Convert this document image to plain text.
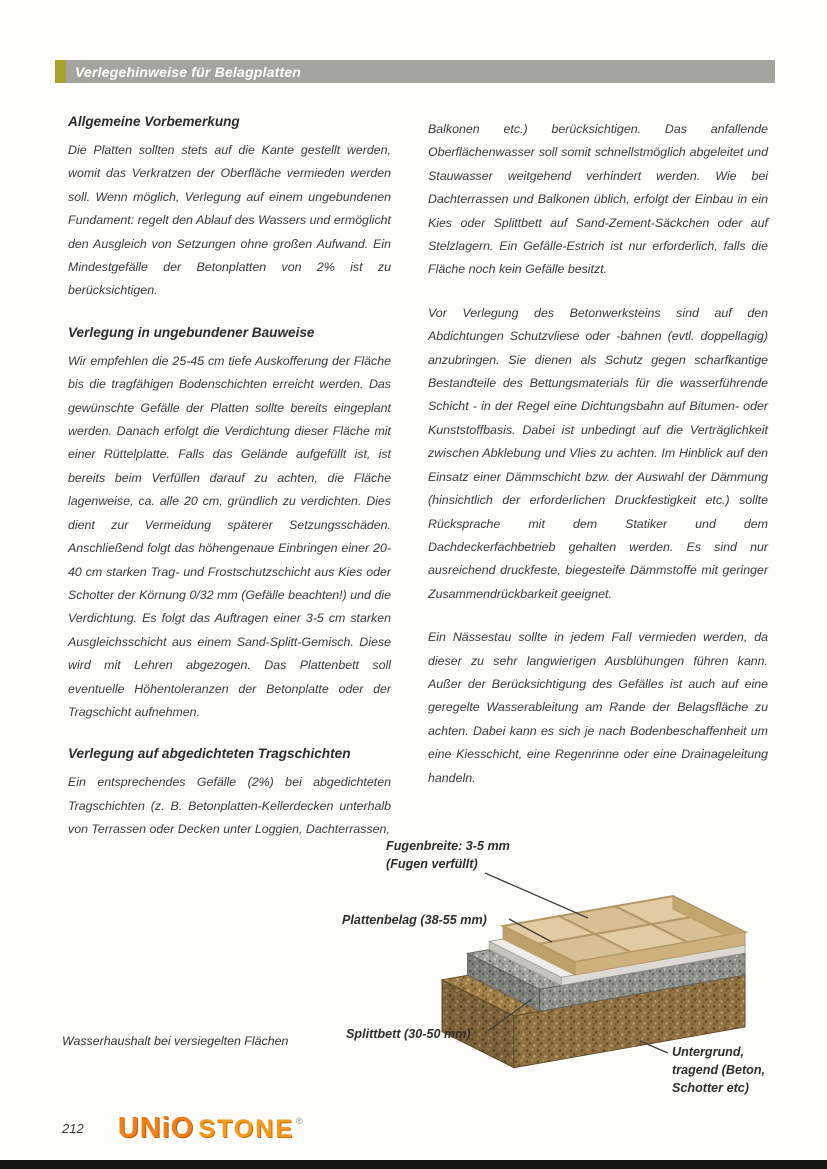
Verlegehinweise für Belagplatten
Allgemeine Vorbemerkung

Die Platten sollten stets auf die Kante gestellt werden, womit das Verkratzen der Oberfläche vermieden werden soll. Wenn möglich, Verlegung auf einem ungebundenen Fundament: regelt den Ablauf des Wassers und ermöglicht den Ausgleich von Setzungen ohne großen Aufwand. Ein Mindestgefälle der Betonplatten von 2% ist zu berücksichtigen.

Verlegung in ungebundener Bauweise

Wir empfehlen die 25-45 cm tiefe Auskofferung der Fläche bis die tragfähigen Bodenschichten erreicht werden. Das gewünschte Gefälle der Platten sollte bereits eingeplant werden. Danach erfolgt die Verdichtung dieser Fläche mit einer Rüttelplatte. Falls das Gelände aufgefüllt ist, ist bereits beim Verfüllen darauf zu achten, die Fläche lagenweise, ca. alle 20 cm, gründlich zu verdichten. Dies dient zur Vermeidung späterer Setzungsschäden. Anschließend folgt das höhengenaue Einbringen einer 20-40 cm starken Trag- und Frostschutzschicht aus Kies oder Schotter der Körnung 0/32 mm (Gefälle beachten!) und die Verdichtung. Es folgt das Auftragen einer 3-5 cm starken Ausgleichsschicht aus einem Sand-Splitt-Gemisch. Diese wird mit Lehren abgezogen. Das Plattenbett soll eventuelle Höhentoleranzen der Betonplatte oder der Tragschicht aufnehmen.

Verlegung auf abgedichteten Tragschichten

Ein entsprechendes Gefälle (2%) bei abgedichteten Tragschichten (z. B. Betonplatten-Kellerdecken unterhalb von Terrassen oder Decken unter Loggien, Dachterrassen,

Balkonen etc.) berücksichtigen. Das anfallende Oberflächenwasser soll somit schnellstmöglich abgeleitet und Stauwasser weitgehend verhindert werden. Wie bei Dachterrassen und Balkonen üblich, erfolgt der Einbau in ein Kies oder Splittbett auf Sand-Zement-Säckchen oder auf Stelzlagern. Ein Gefälle-Estrich ist nur erforderlich, falls die Fläche noch kein Gefälle besitzt.

Vor Verlegung des Betonwerksteins sind auf den Abdichtungen Schutzvliese oder -bahnen (evtl. doppellagig) anzubringen. Sie dienen als Schutz gegen scharfkantige Bestandteile des Bettungsmaterials für die wasserführende Schicht - in der Regel eine Dichtungsbahn auf Bitumen- oder Kunststoffbasis. Dabei ist unbedingt auf die Verträglichkeit zwischen Abklebung und Vlies zu achten. Im Hinblick auf den Einsatz einer Dämmschicht bzw. der Auswahl der Dämmung (hinsichtlich der erforderlichen Druckfestigkeit etc.) sollte Rücksprache mit dem Statiker und dem Dachdeckerfachbetrieb gehalten werden. Es sind nur ausreichend druckfeste, biegesteife Dämmstoffe mit geringer Zusammendrückbarkeit geeignet.

Ein Nässestau sollte in jedem Fall vermieden werden, da dieser zu sehr langwierigen Ausblühungen führen kann. Außer der Berücksichtigung des Gefälles ist auch auf eine geregelte Wasserableitung am Rande der Belagsfläche zu achten. Dabei kann es sich je nach Bodenbeschaffenheit um eine Kiesschicht, eine Regenrinne oder eine Drainageleitung handeln.

Fugenbreite: 3-5 mm
(Fugen verfüllt)
Plattenbelag (38-55 mm)
Splittbett (30-50 mm)
Untergrund,
tragend (Beton,
Schotter etc)
Wasserhaushalt bei versiegelten Flächen
212 UNiO STONE ®
